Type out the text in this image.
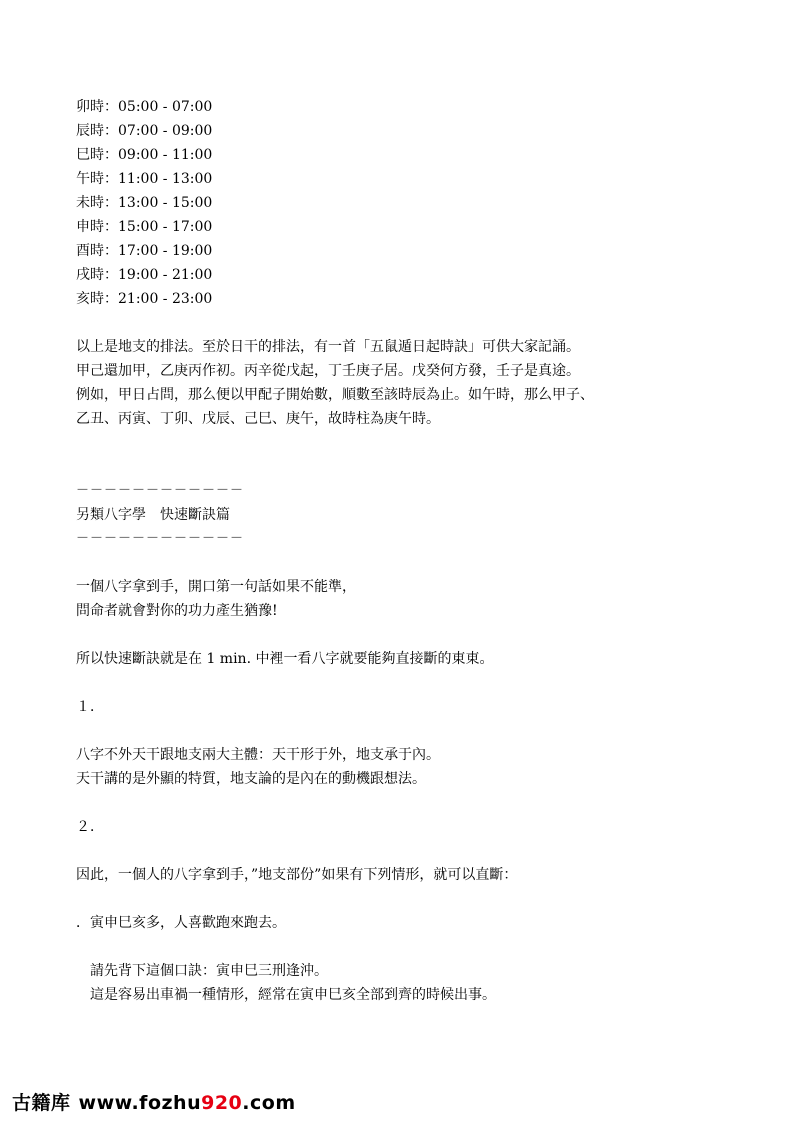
卯時：05:00 - 07:00
辰時：07:00 - 09:00
巳時：09:00 - 11:00
午時：11:00 - 13:00
未時：13:00 - 15:00
申時：15:00 - 17:00
酉時：17:00 - 19:00
戌時：19:00 - 21:00
亥時：21:00 - 23:00
以上是地支的排法。至於日干的排法，有一首「五鼠遁日起時訣」可供大家記誦。
甲己還加甲，乙庚丙作初。丙辛從戊起，丁壬庚子居。戊癸何方發，壬子是真途。
例如，甲日占問，那么便以甲配子開始數，順數至該時辰為止。如午時，那么甲子、
乙丑、丙寅、丁卯、戊辰、己巳、庚午，故時柱為庚午時。
－－－－－－－－－－－－
另類八字學　快速斷訣篇
－－－－－－－－－－－－
一個八字拿到手，開口第一句話如果不能準，
問命者就會對你的功力產生猶豫!
所以快速斷訣就是在 1 min. 中裡一看八字就要能夠直接斷的東東。
１．
八字不外天干跟地支兩大主體：天干形于外，地支承于內。
天干講的是外顯的特質，地支論的是內在的動機跟想法。
２．
因此，一個人的八字拿到手，”地支部份”如果有下列情形，就可以直斷：
．寅申巳亥多，人喜歡跑來跑去。
請先背下這個口訣：寅申巳三刑逢沖。
這是容易出車禍一種情形，經常在寅申巳亥全部到齊的時候出事。
古籍库 www.fozhu920.com
